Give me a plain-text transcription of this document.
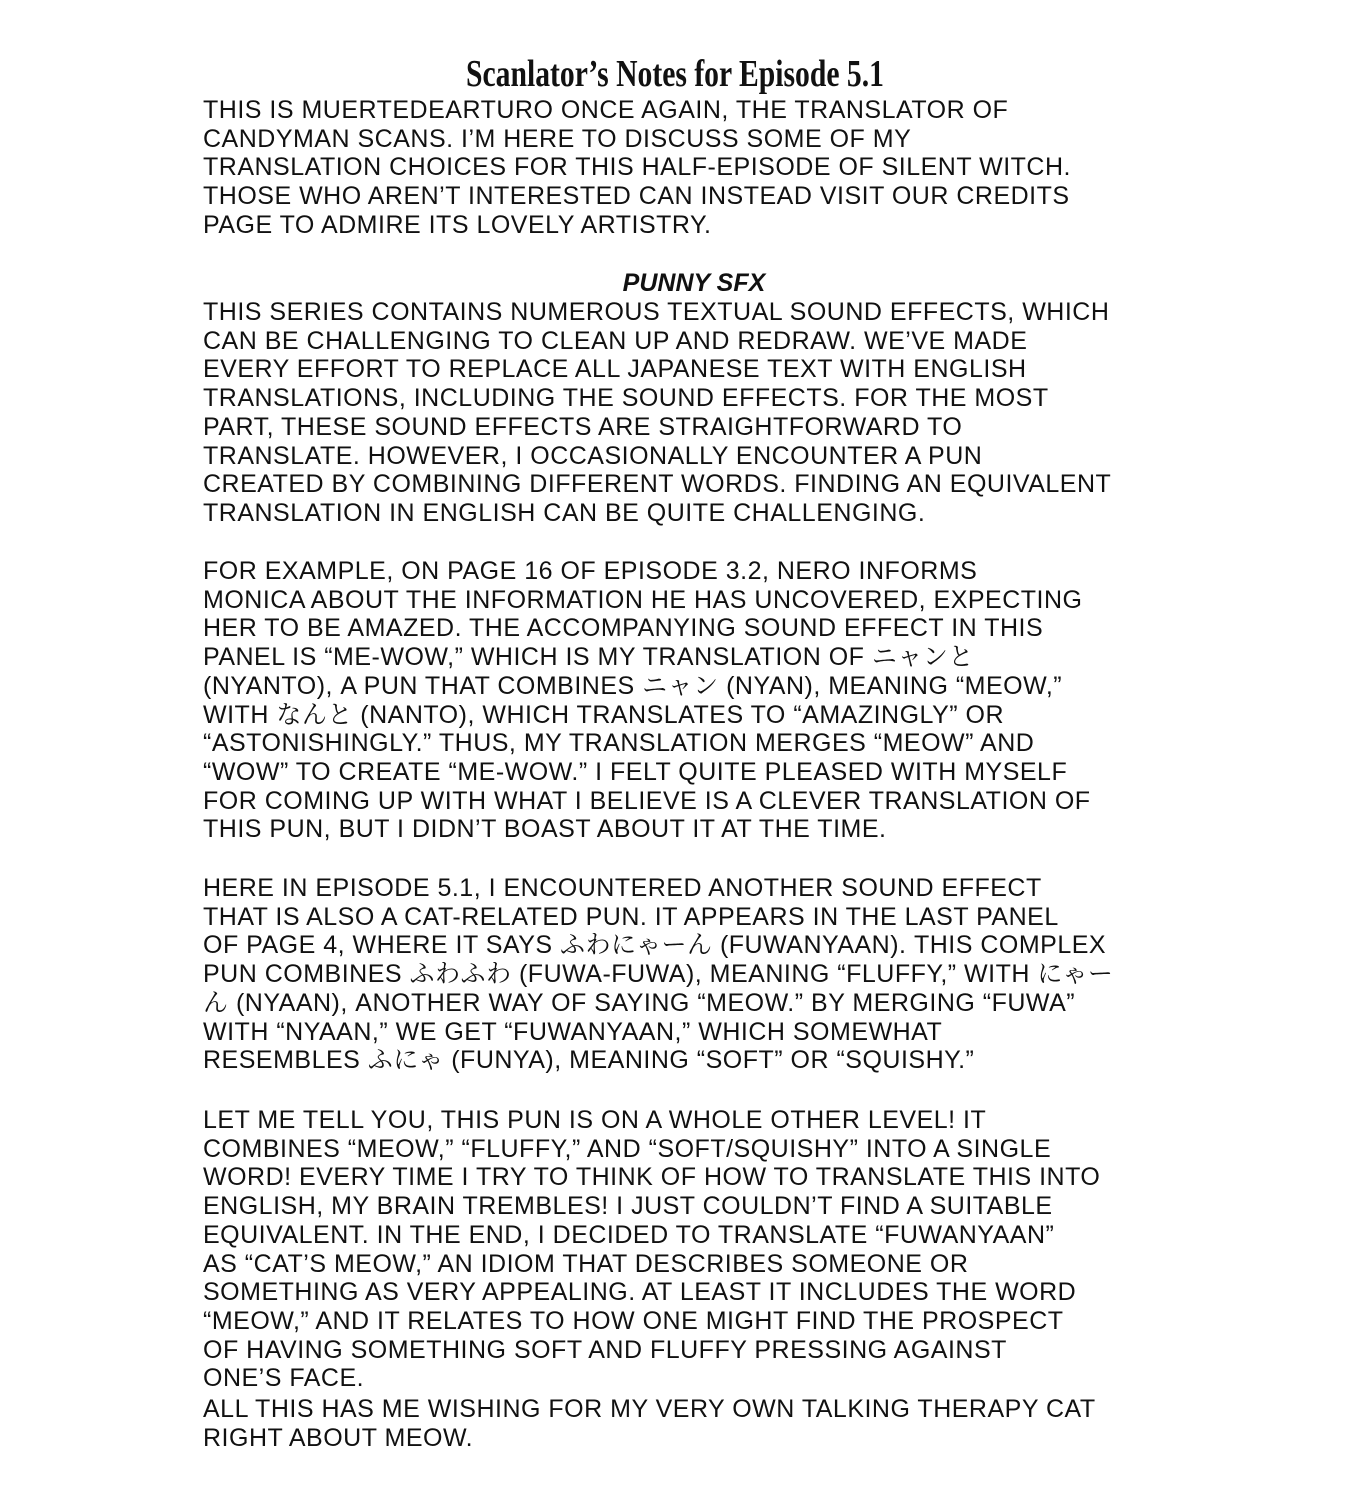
Scanlator’s Notes for Episode 5.1
THIS IS MUERTEDEARTURO ONCE AGAIN, THE TRANSLATOR OF
CANDYMAN SCANS. I’M HERE TO DISCUSS SOME OF MY
TRANSLATION CHOICES FOR THIS HALF-EPISODE OF SILENT WITCH.
THOSE WHO AREN’T INTERESTED CAN INSTEAD VISIT OUR CREDITS
PAGE TO ADMIRE ITS LOVELY ARTISTRY.
PUNNY SFX
THIS SERIES CONTAINS NUMEROUS TEXTUAL SOUND EFFECTS, WHICH
CAN BE CHALLENGING TO CLEAN UP AND REDRAW. WE’VE MADE
EVERY EFFORT TO REPLACE ALL JAPANESE TEXT WITH ENGLISH
TRANSLATIONS, INCLUDING THE SOUND EFFECTS. FOR THE MOST
PART, THESE SOUND EFFECTS ARE STRAIGHTFORWARD TO
TRANSLATE. HOWEVER, I OCCASIONALLY ENCOUNTER A PUN
CREATED BY COMBINING DIFFERENT WORDS. FINDING AN EQUIVALENT
TRANSLATION IN ENGLISH CAN BE QUITE CHALLENGING.
FOR EXAMPLE, ON PAGE 16 OF EPISODE 3.2, NERO INFORMS
MONICA ABOUT THE INFORMATION HE HAS UNCOVERED, EXPECTING
HER TO BE AMAZED. THE ACCOMPANYING SOUND EFFECT IN THIS
PANEL IS “ME-WOW,” WHICH IS MY TRANSLATION OF ニャンと
(NYANTO), A PUN THAT COMBINES ニャン (NYAN), MEANING “MEOW,”
WITH なんと (NANTO), WHICH TRANSLATES TO “AMAZINGLY” OR
“ASTONISHINGLY.” THUS, MY TRANSLATION MERGES “MEOW” AND
“WOW” TO CREATE “ME-WOW.” I FELT QUITE PLEASED WITH MYSELF
FOR COMING UP WITH WHAT I BELIEVE IS A CLEVER TRANSLATION OF
THIS PUN, BUT I DIDN’T BOAST ABOUT IT AT THE TIME.
HERE IN EPISODE 5.1, I ENCOUNTERED ANOTHER SOUND EFFECT
THAT IS ALSO A CAT-RELATED PUN. IT APPEARS IN THE LAST PANEL
OF PAGE 4, WHERE IT SAYS ふわにゃーん (FUWANYAAN). THIS COMPLEX
PUN COMBINES ふわふわ (FUWA-FUWA), MEANING “FLUFFY,” WITH にゃー
ん (NYAAN), ANOTHER WAY OF SAYING “MEOW.” BY MERGING “FUWA”
WITH “NYAAN,” WE GET “FUWANYAAN,” WHICH SOMEWHAT
RESEMBLES ふにゃ (FUNYA), MEANING “SOFT” OR “SQUISHY.”
LET ME TELL YOU, THIS PUN IS ON A WHOLE OTHER LEVEL! IT
COMBINES “MEOW,” “FLUFFY,” AND “SOFT/SQUISHY” INTO A SINGLE
WORD! EVERY TIME I TRY TO THINK OF HOW TO TRANSLATE THIS INTO
ENGLISH, MY BRAIN TREMBLES! I JUST COULDN’T FIND A SUITABLE
EQUIVALENT. IN THE END, I DECIDED TO TRANSLATE “FUWANYAAN”
AS “CAT’S MEOW,” AN IDIOM THAT DESCRIBES SOMEONE OR
SOMETHING AS VERY APPEALING. AT LEAST IT INCLUDES THE WORD
“MEOW,” AND IT RELATES TO HOW ONE MIGHT FIND THE PROSPECT
OF HAVING SOMETHING SOFT AND FLUFFY PRESSING AGAINST
ONE’S FACE.
ALL THIS HAS ME WISHING FOR MY VERY OWN TALKING THERAPY CAT
RIGHT ABOUT MEOW.
